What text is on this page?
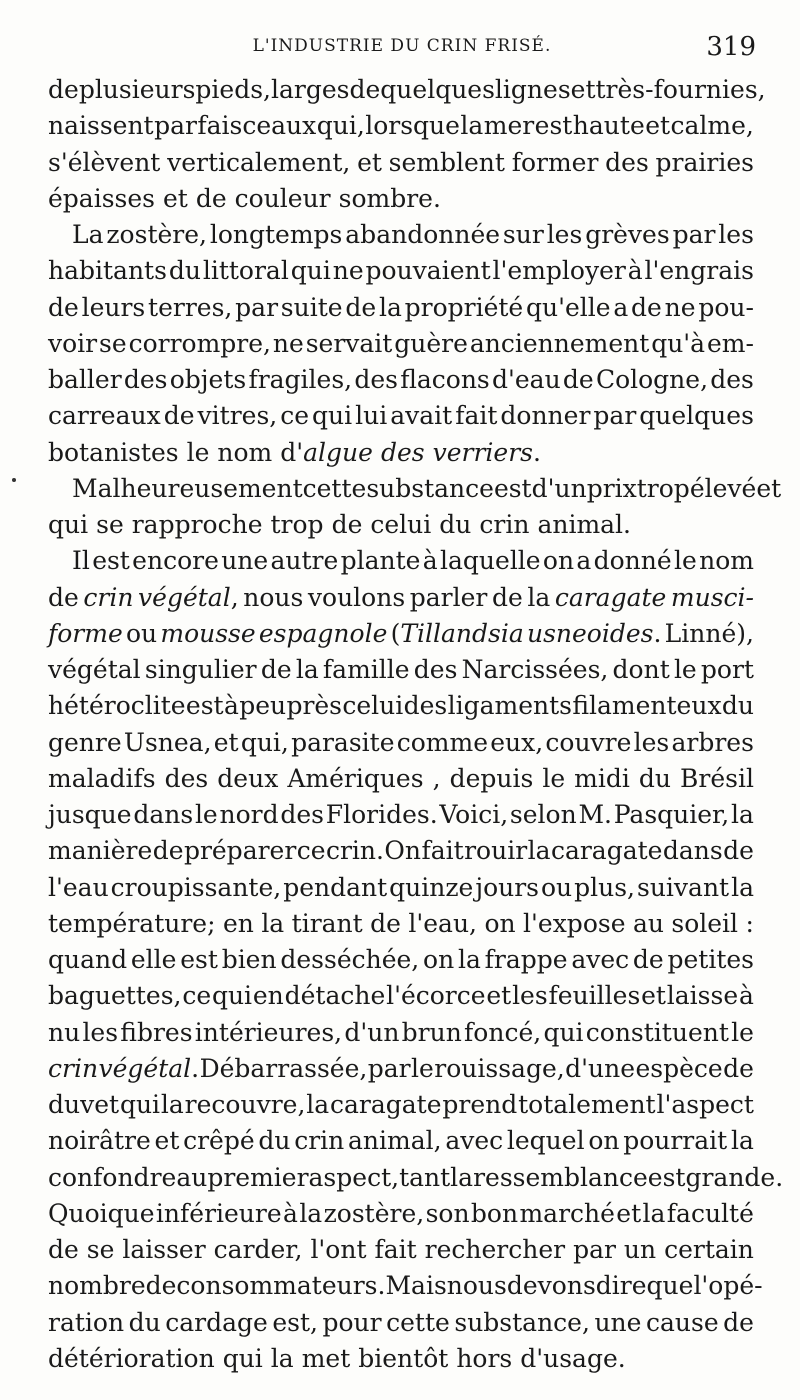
L'INDUSTRIE DU CRIN FRISÉ.	319
de plusieurs pieds, larges de quelques lignes et très-fournies,
naissent par faisceaux qui, lorsque la mer est haute et calme,
s'élèvent verticalement, et semblent former des prairies
épaisses et de couleur sombre.
La zostère, longtemps abandonnée sur les grèves par les
habitants du littoral qui ne pouvaient l'employer à l'engrais
de leurs terres, par suite de la propriété qu'elle a de ne pou-
voir se corrompre, ne servait guère anciennement qu'à em-
baller des objets fragiles, des flacons d'eau de Cologne, des
carreaux de vitres, ce qui lui avait fait donner par quelques
botanistes le nom d'algue des verriers.
Malheureusement cette substance est d'un prix trop élevé et
qui se rapproche trop de celui du crin animal.
Il est encore une autre plante à laquelle on a donné le nom
de crin végétal, nous voulons parler de la caragate musci-
forme ou mousse espagnole (Tillandsia usneoides. Linné),
végétal singulier de la famille des Narcissées, dont le port
hétéroclite est à peu près celui des ligaments filamenteux du
genre Usnea, et qui, parasite comme eux, couvre les arbres
maladifs des deux Amériques , depuis le midi du Brésil
jusque dans le nord des Florides. Voici, selon M. Pasquier, la
manière de préparer ce crin. On fait rouir la caragate dans de
l'eau croupissante, pendant quinze jours ou plus, suivant la
température; en la tirant de l'eau, on l'expose au soleil :
quand elle est bien desséchée, on la frappe avec de petites
baguettes, ce qui en détache l'écorce et les feuilles et laisse à
nu les fibres intérieures, d'un brun foncé, qui constituent le
crin végétal. Débarrassée, par le rouissage, d'une espèce de
duvet qui la recouvre, la caragate prend totalement l'aspect
noirâtre et crêpé du crin animal, avec lequel on pourrait la
confondre au premier aspect, tant la ressemblance est grande.
Quoique inférieure à la zostère, son bon marché et la faculté
de se laisser carder, l'ont fait rechercher par un certain
nombre de consommateurs. Mais nous devons dire que l'opé-
ration du cardage est, pour cette substance, une cause de
détérioration qui la met bientôt hors d'usage.
